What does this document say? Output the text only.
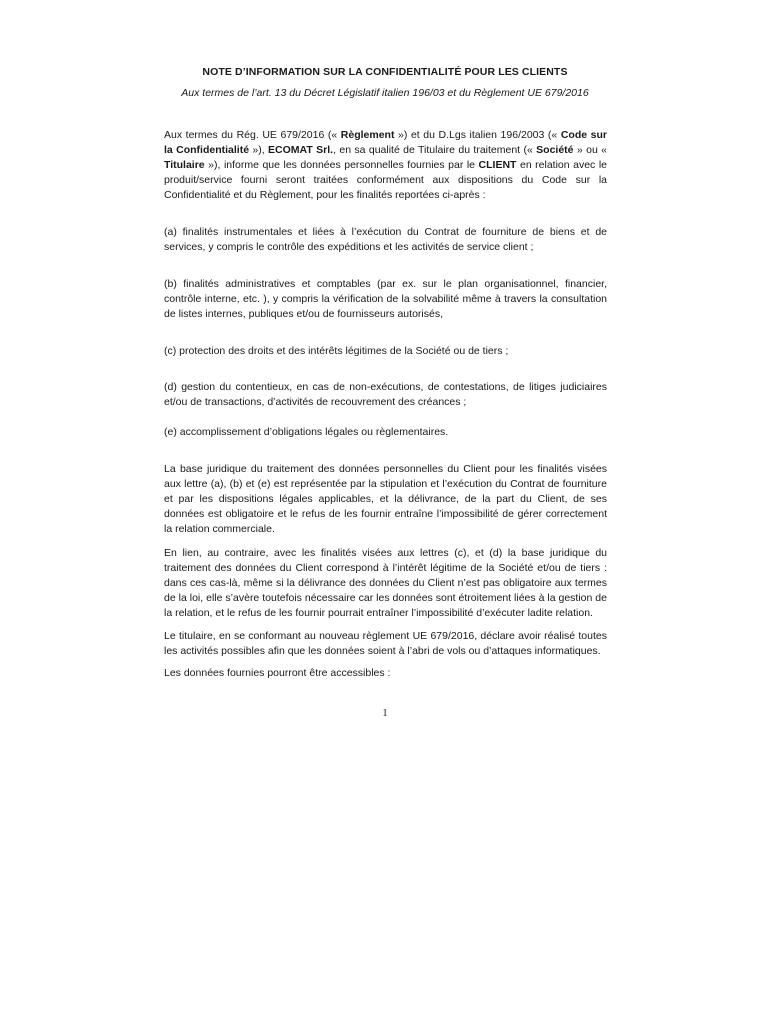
NOTE D’INFORMATION SUR LA CONFIDENTIALITÉ POUR LES CLIENTS
Aux termes de l’art. 13 du Décret Législatif italien 196/03 et du Règlement UE 679/2016

Aux termes du Rég. UE 679/2016 (« Règlement ») et du D.Lgs italien 196/2003 (« Code sur la Confidentialité »), ECOMAT Srl., en sa qualité de Titulaire du traitement (« Société » ou « Titulaire »), informe que les données personnelles fournies par le CLIENT en relation avec le produit/service fourni seront traitées conformément aux dispositions du Code sur la Confidentialité et du Règlement, pour les finalités reportées ci-après :

(a) finalités instrumentales et liées à l’exécution du Contrat de fourniture de biens et de services, y compris le contrôle des expéditions et les activités de service client ;

(b) finalités administratives et comptables (par ex. sur le plan organisationnel, financier, contrôle interne, etc. ), y compris la vérification de la solvabilité même à travers la consultation de listes internes, publiques et/ou de fournisseurs autorisés,

(c) protection des droits et des intérêts légitimes de la Société ou de tiers ;

(d) gestion du contentieux, en cas de non-exécutions, de contestations, de litiges judiciaires et/ou de transactions, d’activités de recouvrement des créances ;

(e) accomplissement d’obligations légales ou règlementaires.

La base juridique du traitement des données personnelles du Client pour les finalités visées aux lettre (a), (b) et (e) est représentée par la stipulation et l’exécution du Contrat de fourniture et par les dispositions légales applicables, et la délivrance, de la part du Client, de ses données est obligatoire et le refus de les fournir entraîne l’impossibilité de gérer correctement la relation commerciale.

En lien, au contraire, avec les finalités visées aux lettres (c), et (d) la base juridique du traitement des données du Client correspond à l’intérêt légitime de la Société et/ou de tiers : dans ces cas-là, même si la délivrance des données du Client n’est pas obligatoire aux termes de la loi, elle s’avère toutefois nécessaire car les données sont étroitement liées à la gestion de la relation, et le refus de les fournir pourrait entraîner l’impossibilité d’exécuter ladite relation.

Le titulaire, en se conformant au nouveau règlement UE 679/2016, déclare avoir réalisé toutes les activités possibles afin que les données soient à l’abri de vols ou d’attaques informatiques.

Les données fournies pourront être accessibles :

1
